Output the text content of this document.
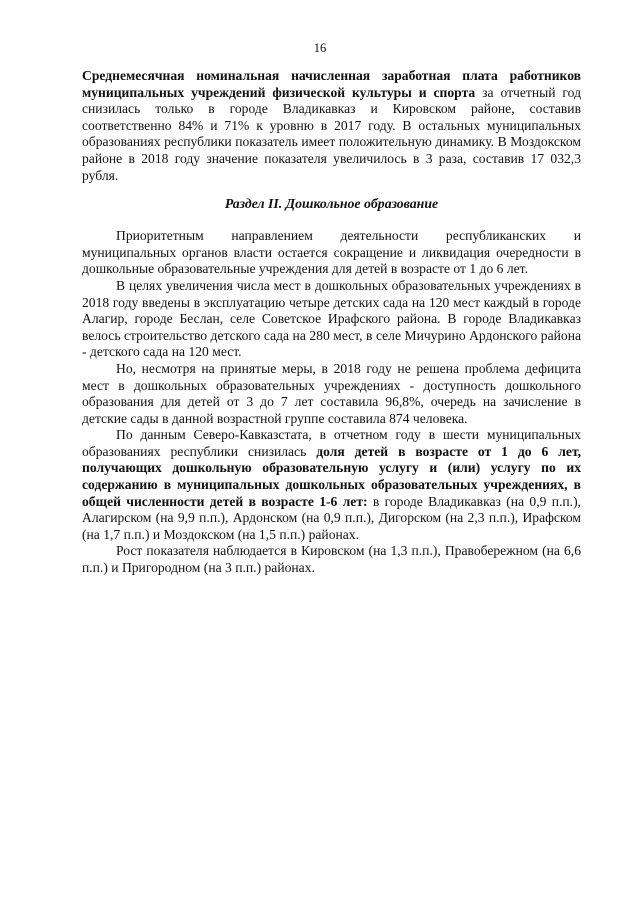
16

Среднемесячная номинальная начисленная заработная плата работников муниципальных учреждений физической культуры и спорта за отчетный год снизилась только в городе Владикавказ и Кировском районе, составив соответственно 84% и 71% к уровню в 2017 году. В остальных муниципальных образованиях республики показатель имеет положительную динамику. В Моздокском районе в 2018 году значение показателя увеличилось в 3 раза, составив 17 032,3 рубля.

Раздел II. Дошкольное образование

Приоритетным направлением деятельности республиканских и муниципальных органов власти остается сокращение и ликвидация очередности в дошкольные образовательные учреждения для детей в возрасте от 1 до 6 лет.

В целях увеличения числа мест в дошкольных образовательных учреждениях в 2018 году введены в эксплуатацию четыре детских сада на 120 мест каждый в городе Алагир, городе Беслан, селе Советское Ирафского района. В городе Владикавказ велось строительство детского сада на 280 мест, в селе Мичурино Ардонского района - детского сада на 120 мест.

Но, несмотря на принятые меры, в 2018 году не решена проблема дефицита мест в дошкольных образовательных учреждениях - доступность дошкольного образования для детей от 3 до 7 лет составила 96,8%, очередь на зачисление в детские сады в данной возрастной группе составила 874 человека.

По данным Северо-Кавказстата, в отчетном году в шести муниципальных образованиях республики снизилась доля детей в возрасте от 1 до 6 лет, получающих дошкольную образовательную услугу и (или) услугу по их содержанию в муниципальных дошкольных образовательных учреждениях, в общей численности детей в возрасте 1-6 лет: в городе Владикавказ (на 0,9 п.п.), Алагирском (на 9,9 п.п.), Ардонском (на 0,9 п.п.), Дигорском (на 2,3 п.п.), Ирафском (на 1,7 п.п.) и Моздокском (на 1,5 п.п.) районах.

Рост показателя наблюдается в Кировском (на 1,3 п.п.), Правобережном (на 6,6 п.п.) и Пригородном (на 3 п.п.) районах.
